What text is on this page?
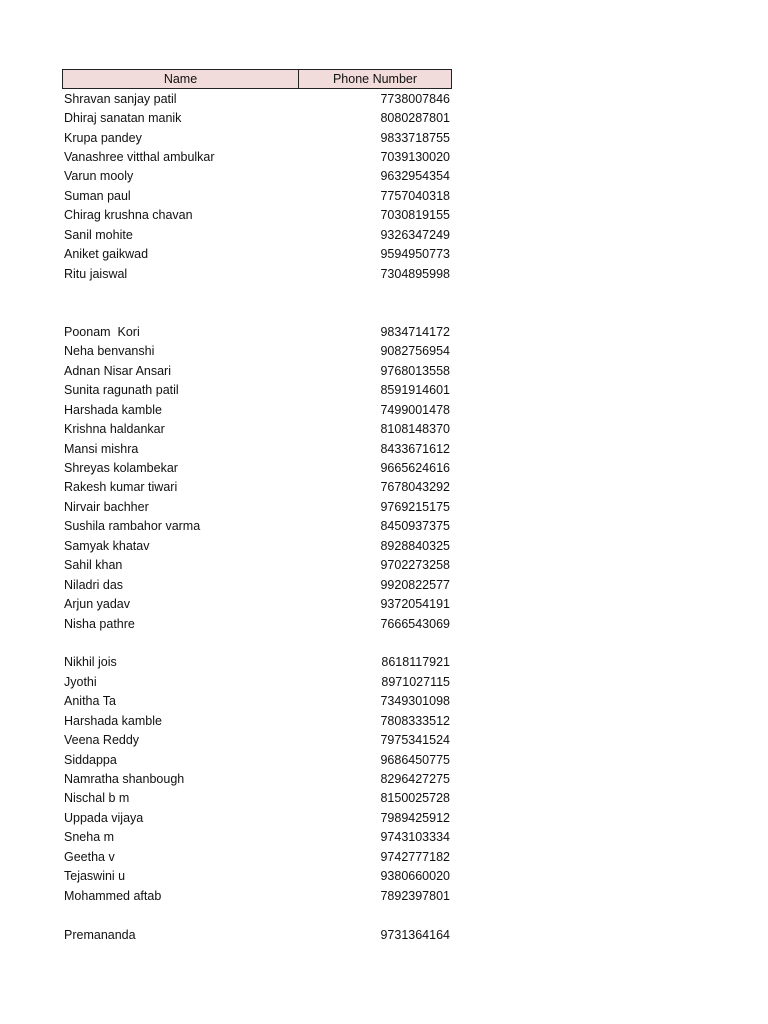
Name	Phone Number
Shravan sanjay patil	7738007846
Dhiraj sanatan manik	8080287801
Krupa pandey	9833718755
Vanashree vitthal ambulkar	7039130020
Varun mooly	9632954354
Suman paul	7757040318
Chirag krushna chavan	7030819155
Sanil mohite	9326347249
Aniket gaikwad	9594950773
Ritu jaiswal	7304895998
Poonam  Kori	9834714172
Neha benvanshi	9082756954
Adnan Nisar Ansari	9768013558
Sunita ragunath patil	8591914601
Harshada kamble	7499001478
Krishna haldankar	8108148370
Mansi mishra	8433671612
Shreyas kolambekar	9665624616
Rakesh kumar tiwari	7678043292
Nirvair bachher	9769215175
Sushila rambahor varma	8450937375
Samyak khatav	8928840325
Sahil khan	9702273258
Niladri das	9920822577
Arjun yadav	9372054191
Nisha pathre	7666543069
Nikhil jois	8618117921
Jyothi	8971027115
Anitha Ta	7349301098
Harshada kamble	7808333512
Veena Reddy	7975341524
Siddappa	9686450775
Namratha shanbough	8296427275
Nischal b m	8150025728
Uppada vijaya	7989425912
Sneha m	9743103334
Geetha v	9742777182
Tejaswini u	9380660020
Mohammed aftab	7892397801
Premananda	9731364164
